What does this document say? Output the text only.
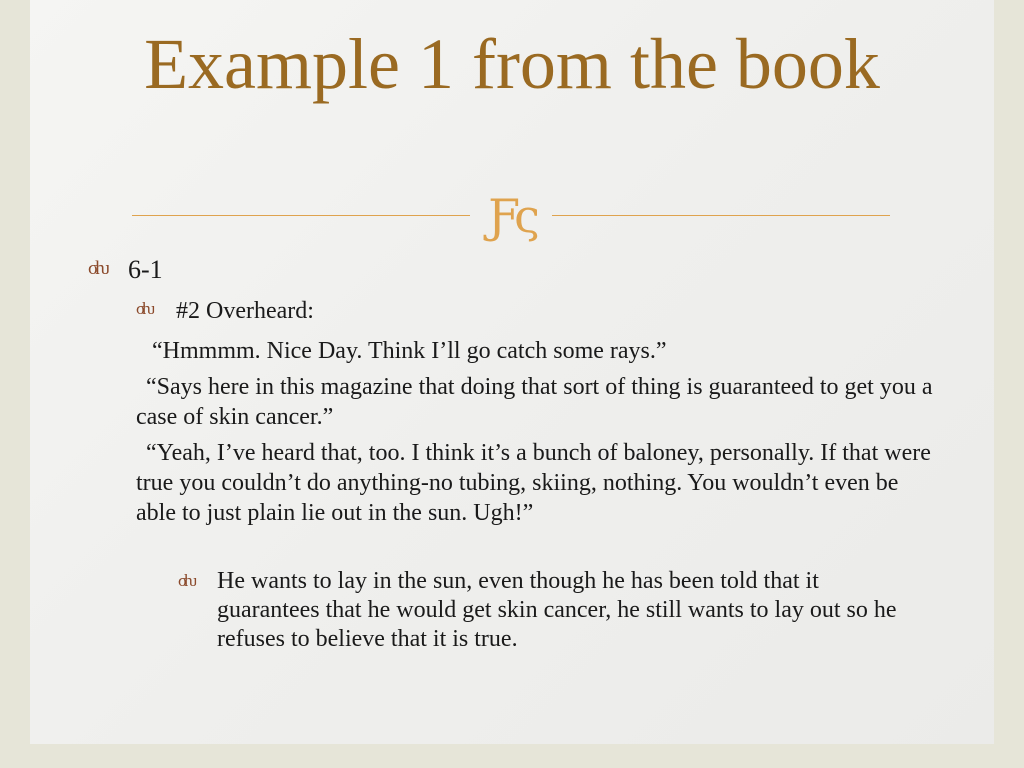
Example 1 from the book
Ƒς
σƕ 6-1
σƕ #2 Overheard:
“Hmmmm. Nice Day. Think I’ll go catch some rays.”
“Says here in this magazine that doing that sort of thing is guaranteed to get you a case of skin cancer.”
“Yeah, I’ve heard that, too. I think it’s a bunch of baloney, personally. If that were true you couldn’t do anything-no tubing, skiing, nothing. You wouldn’t even be able to just plain lie out in the sun. Ugh!”
σƕ He wants to lay in the sun, even though he has been told that it guarantees that he would get skin cancer, he still wants to lay out so he refuses to believe that it is true.
